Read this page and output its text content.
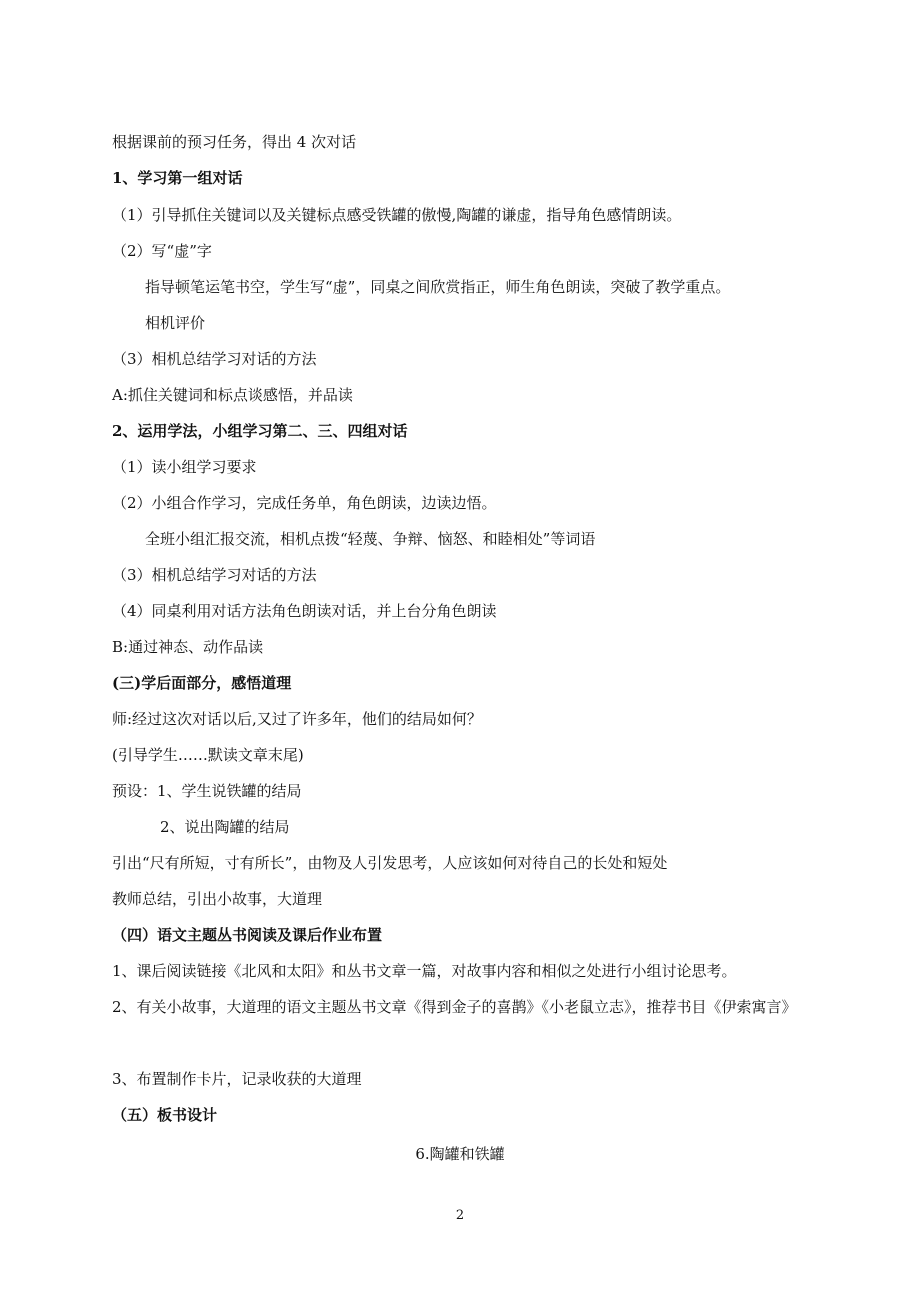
根据课前的预习任务，得出 4 次对话
1、学习第一组对话
（1）引导抓住关键词以及关键标点感受铁罐的傲慢,陶罐的谦虚，指导角色感情朗读。
（2）写“虚”字
指导顿笔运笔书空，学生写“虚”，同桌之间欣赏指正，师生角色朗读，突破了教学重点。
相机评价
（3）相机总结学习对话的方法
A:抓住关键词和标点谈感悟，并品读
2、运用学法，小组学习第二、三、四组对话
（1）读小组学习要求
（2）小组合作学习，完成任务单，角色朗读，边读边悟。
全班小组汇报交流，相机点拨“轻蔑、争辩、恼怒、和睦相处”等词语
（3）相机总结学习对话的方法
（4）同桌利用对话方法角色朗读对话，并上台分角色朗读
B:通过神态、动作品读
(三)学后面部分，感悟道理
师:经过这次对话以后,又过了许多年，他们的结局如何？
(引导学生……默读文章末尾)
预设：1、学生说铁罐的结局
2、说出陶罐的结局
引出“尺有所短，寸有所长”，由物及人引发思考，人应该如何对待自己的长处和短处
教师总结，引出小故事，大道理
（四）语文主题丛书阅读及课后作业布置
1、课后阅读链接《北风和太阳》和丛书文章一篇，对故事内容和相似之处进行小组讨论思考。
2、有关小故事，大道理的语文主题丛书文章《得到金子的喜鹊》《小老鼠立志》，推荐书目《伊索寓言》
3、布置制作卡片，记录收获的大道理
（五）板书设计
6.陶罐和铁罐
2
